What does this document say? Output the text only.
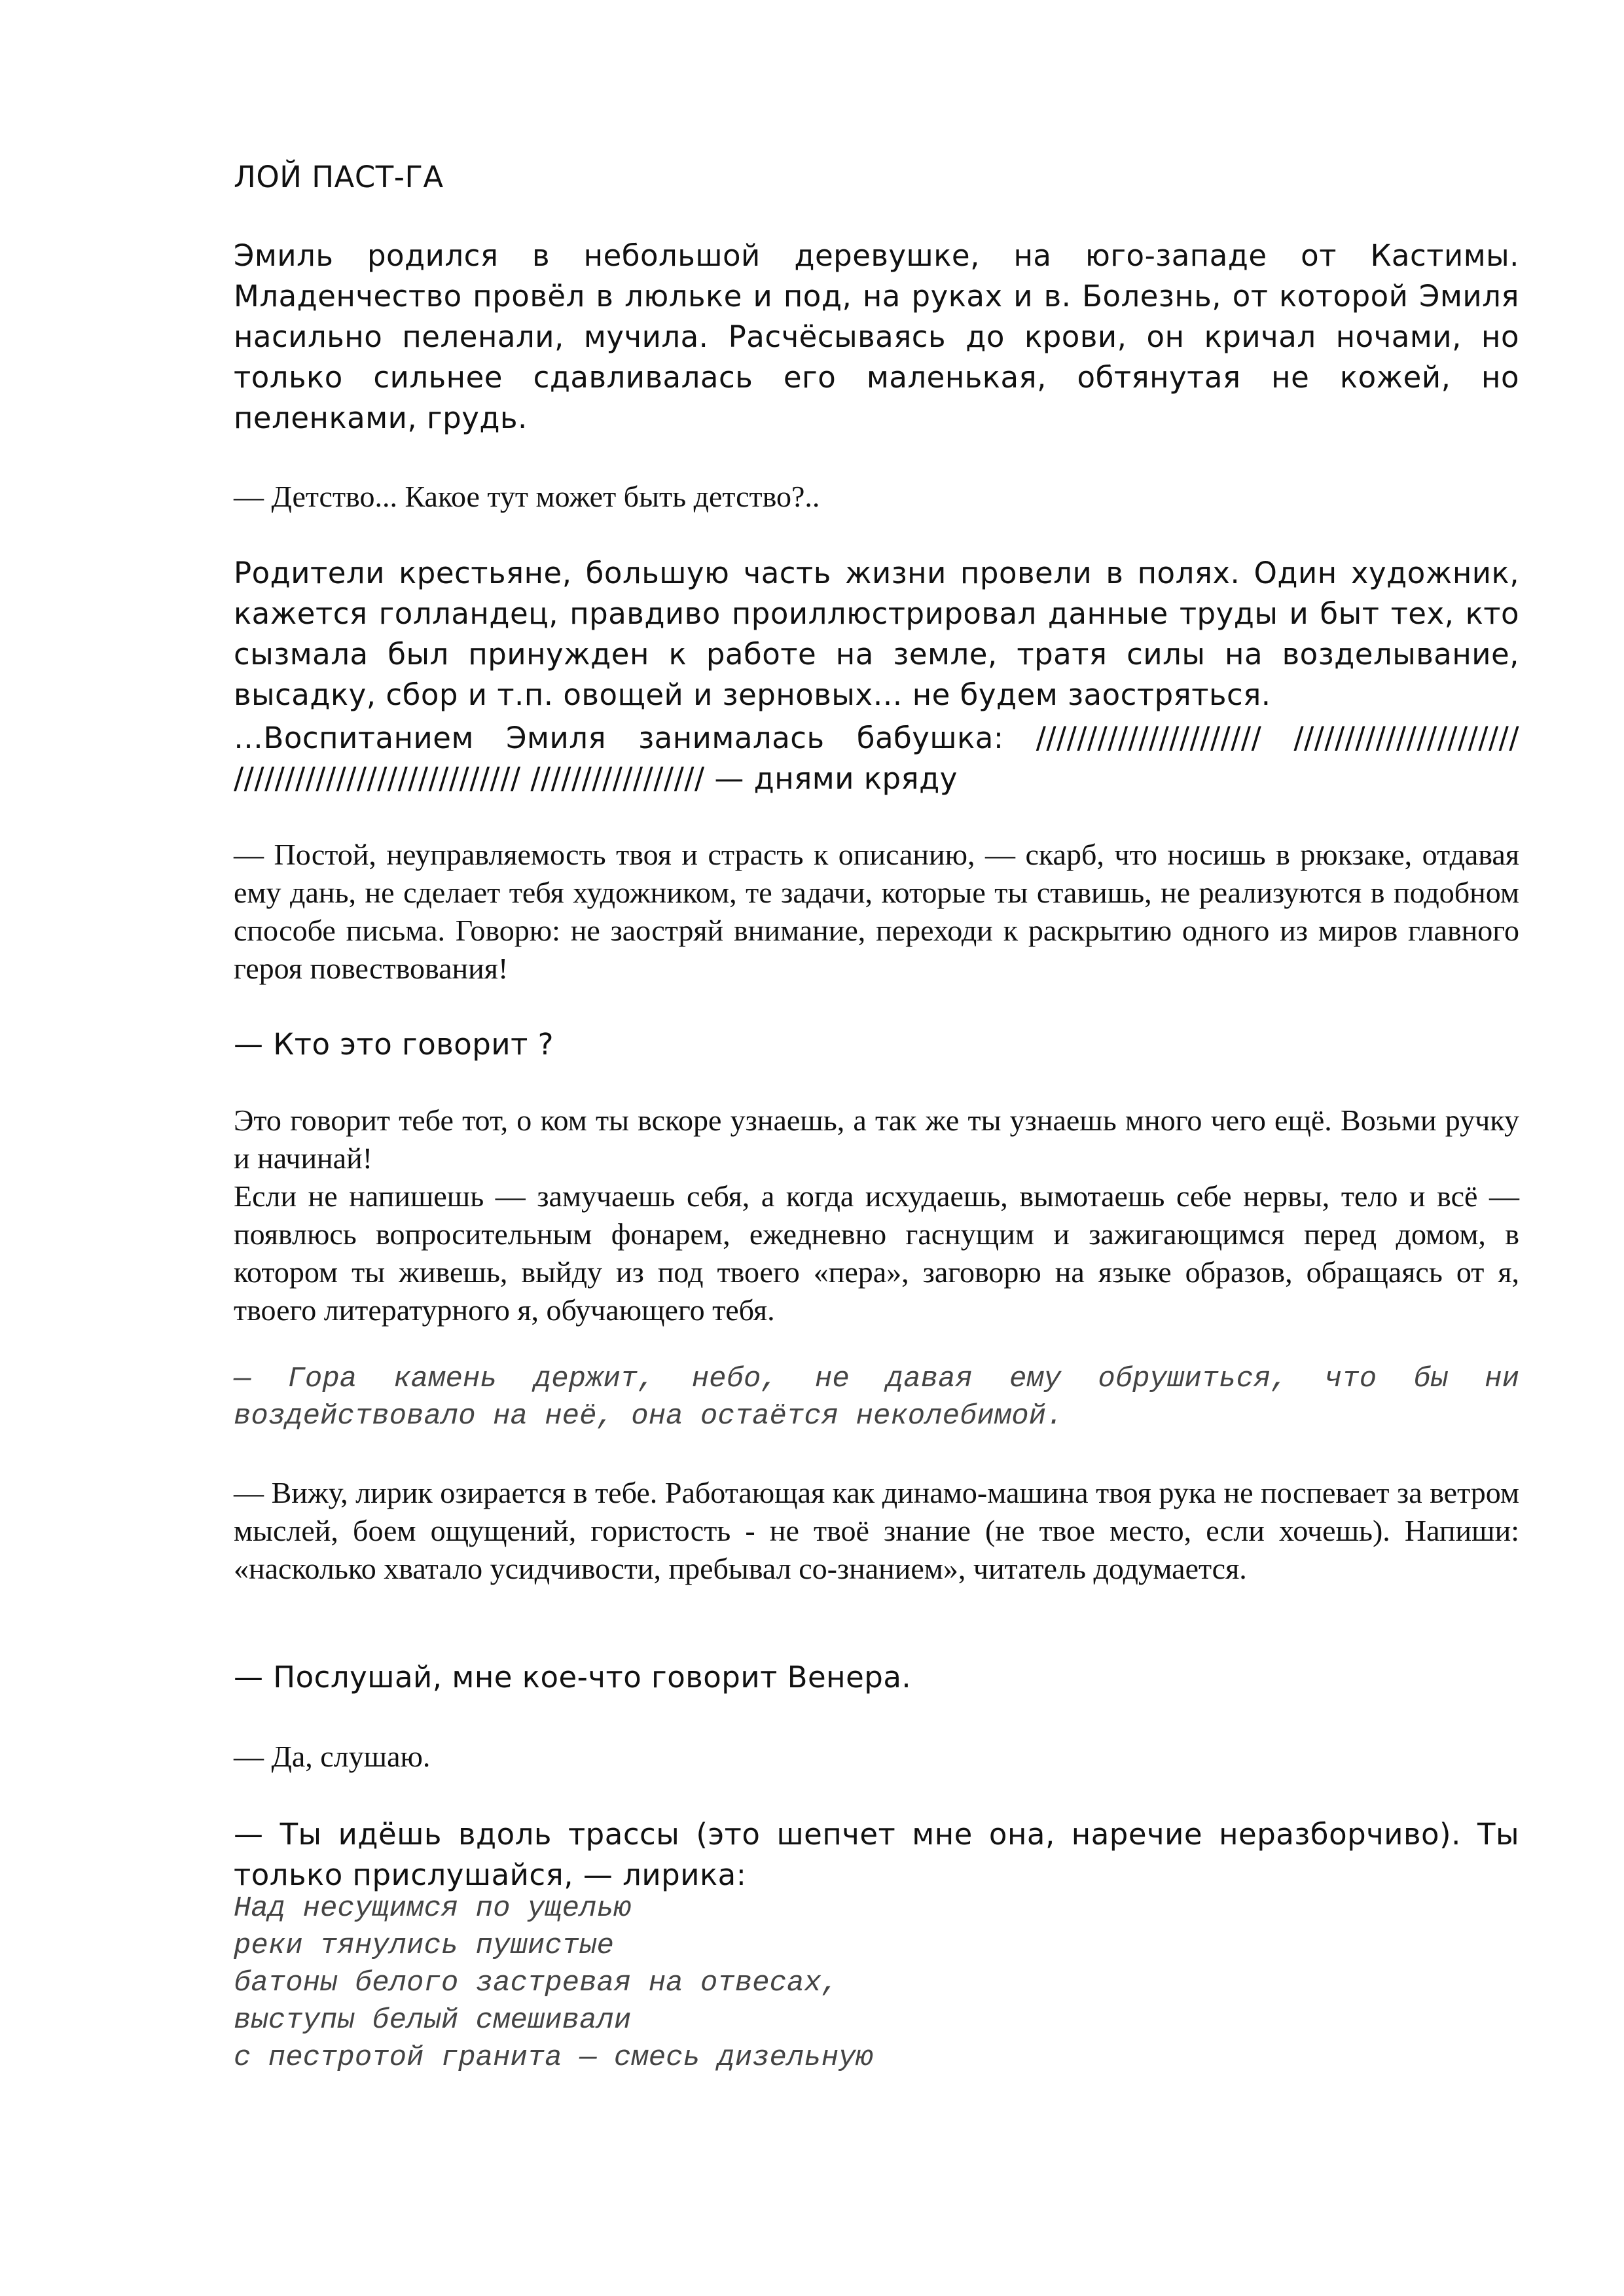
ЛОЙ ПАСТ-ГА

Эмиль родился в небольшой деревушке, на юго-западе от Кастимы. Младенчество провёл в люльке и под, на руках и в. Болезнь, от которой Эмиля насильно пеленали, мучила. Расчёсываясь до крови, он кричал ночами, но только сильнее сдавливалась его маленькая, обтянутая не кожей, но пеленками, грудь.

— Детство... Какое тут может быть детство?..

Родители крестьяне, большую часть жизни провели в полях. Один художник, кажется голландец, правдиво проиллюстрировал данные труды и быт тех, кто сызмала был принужден к работе на земле, тратя силы на возделывание, высадку, сбор и т.п. овощей и зерновых… не будем заостряться.

…Воспитанием Эмиля занималась бабушка: ////////////////////// ////////////////////// //////////////////////////// ///////////////// — днями кряду

— Постой, неуправляемость твоя и страсть к описанию, — скарб, что носишь в рюкзаке, отдавая ему дань, не сделает тебя художником, те задачи, которые ты ставишь, не реализуются в подобном способе письма. Говорю: не заостряй внимание, переходи к раскрытию одного из миров главного героя повествования!

— Кто это говорит ?

Это говорит тебе тот, о ком ты вскоре узнаешь, а так же ты узнаешь много чего ещё. Возьми ручку и начинай!

Если не напишешь — замучаешь себя, а когда исхудаешь, вымотаешь себе нервы, тело и всё — появлюсь вопросительным фонарем, ежедневно гаснущим и зажигающимся перед домом, в котором ты живешь, выйду из под твоего «пера», заговорю на языке образов, обращаясь от я, твоего литературного я, обучающего тебя.

— Гора камень держит, небо, не давая ему обрушиться, что бы ни воздействовало на неё, она остаётся неколебимой.

— Вижу, лирик озирается в тебе. Работающая как динамо-машина твоя рука не поспевает за ветром мыслей, боем ощущений, гористость - не твоё знание (не твое место, если хочешь). Напиши: «насколько хватало усидчивости, пребывал со-знанием», читатель додумается.

— Послушай, мне кое-что говорит Венера.

— Да, слушаю.

— Ты идёшь вдоль трассы (это шепчет мне она, наречие неразборчиво). Ты только прислушайся, — лирика:

Над несущимся по ущелью
реки тянулись пушистые
батоны белого застревая на отвесах,
выступы белый смешивали
с пестротой гранита — смесь дизельную
